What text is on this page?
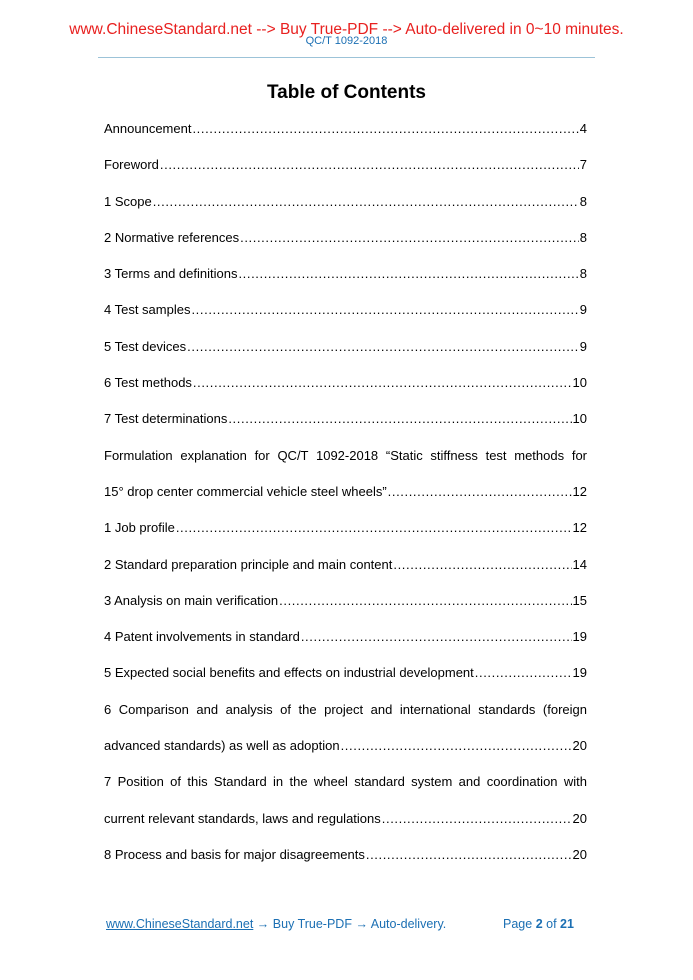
www.ChineseStandard.net --> Buy True-PDF --> Auto-delivered in 0~10 minutes.
QC/T 1092-2018
Table of Contents
Announcement .....	4
Foreword .....	7
1 Scope .....	8
2 Normative references .....	8
3 Terms and definitions .....	8
4 Test samples .....	9
5 Test devices .....	9
6 Test methods .....	10
7 Test determinations .....	10
Formulation explanation for QC/T 1092-2018 “Static stiffness test methods for
15° drop center commercial vehicle steel wheels” .....	12
1 Job profile .....	12
2 Standard preparation principle and main content .....	14
3 Analysis on main verification .....	15
4 Patent involvements in standard .....	19
5 Expected social benefits and effects on industrial development .....	19
6 Comparison and analysis of the project and international standards (foreign
advanced standards) as well as adoption .....	20
7 Position of this Standard in the wheel standard system and coordination with
current relevant standards, laws and regulations .....	20
8 Process and basis for major disagreements .....	20
www.ChineseStandard.net → Buy True-PDF → Auto-delivery.	Page 2 of 21
